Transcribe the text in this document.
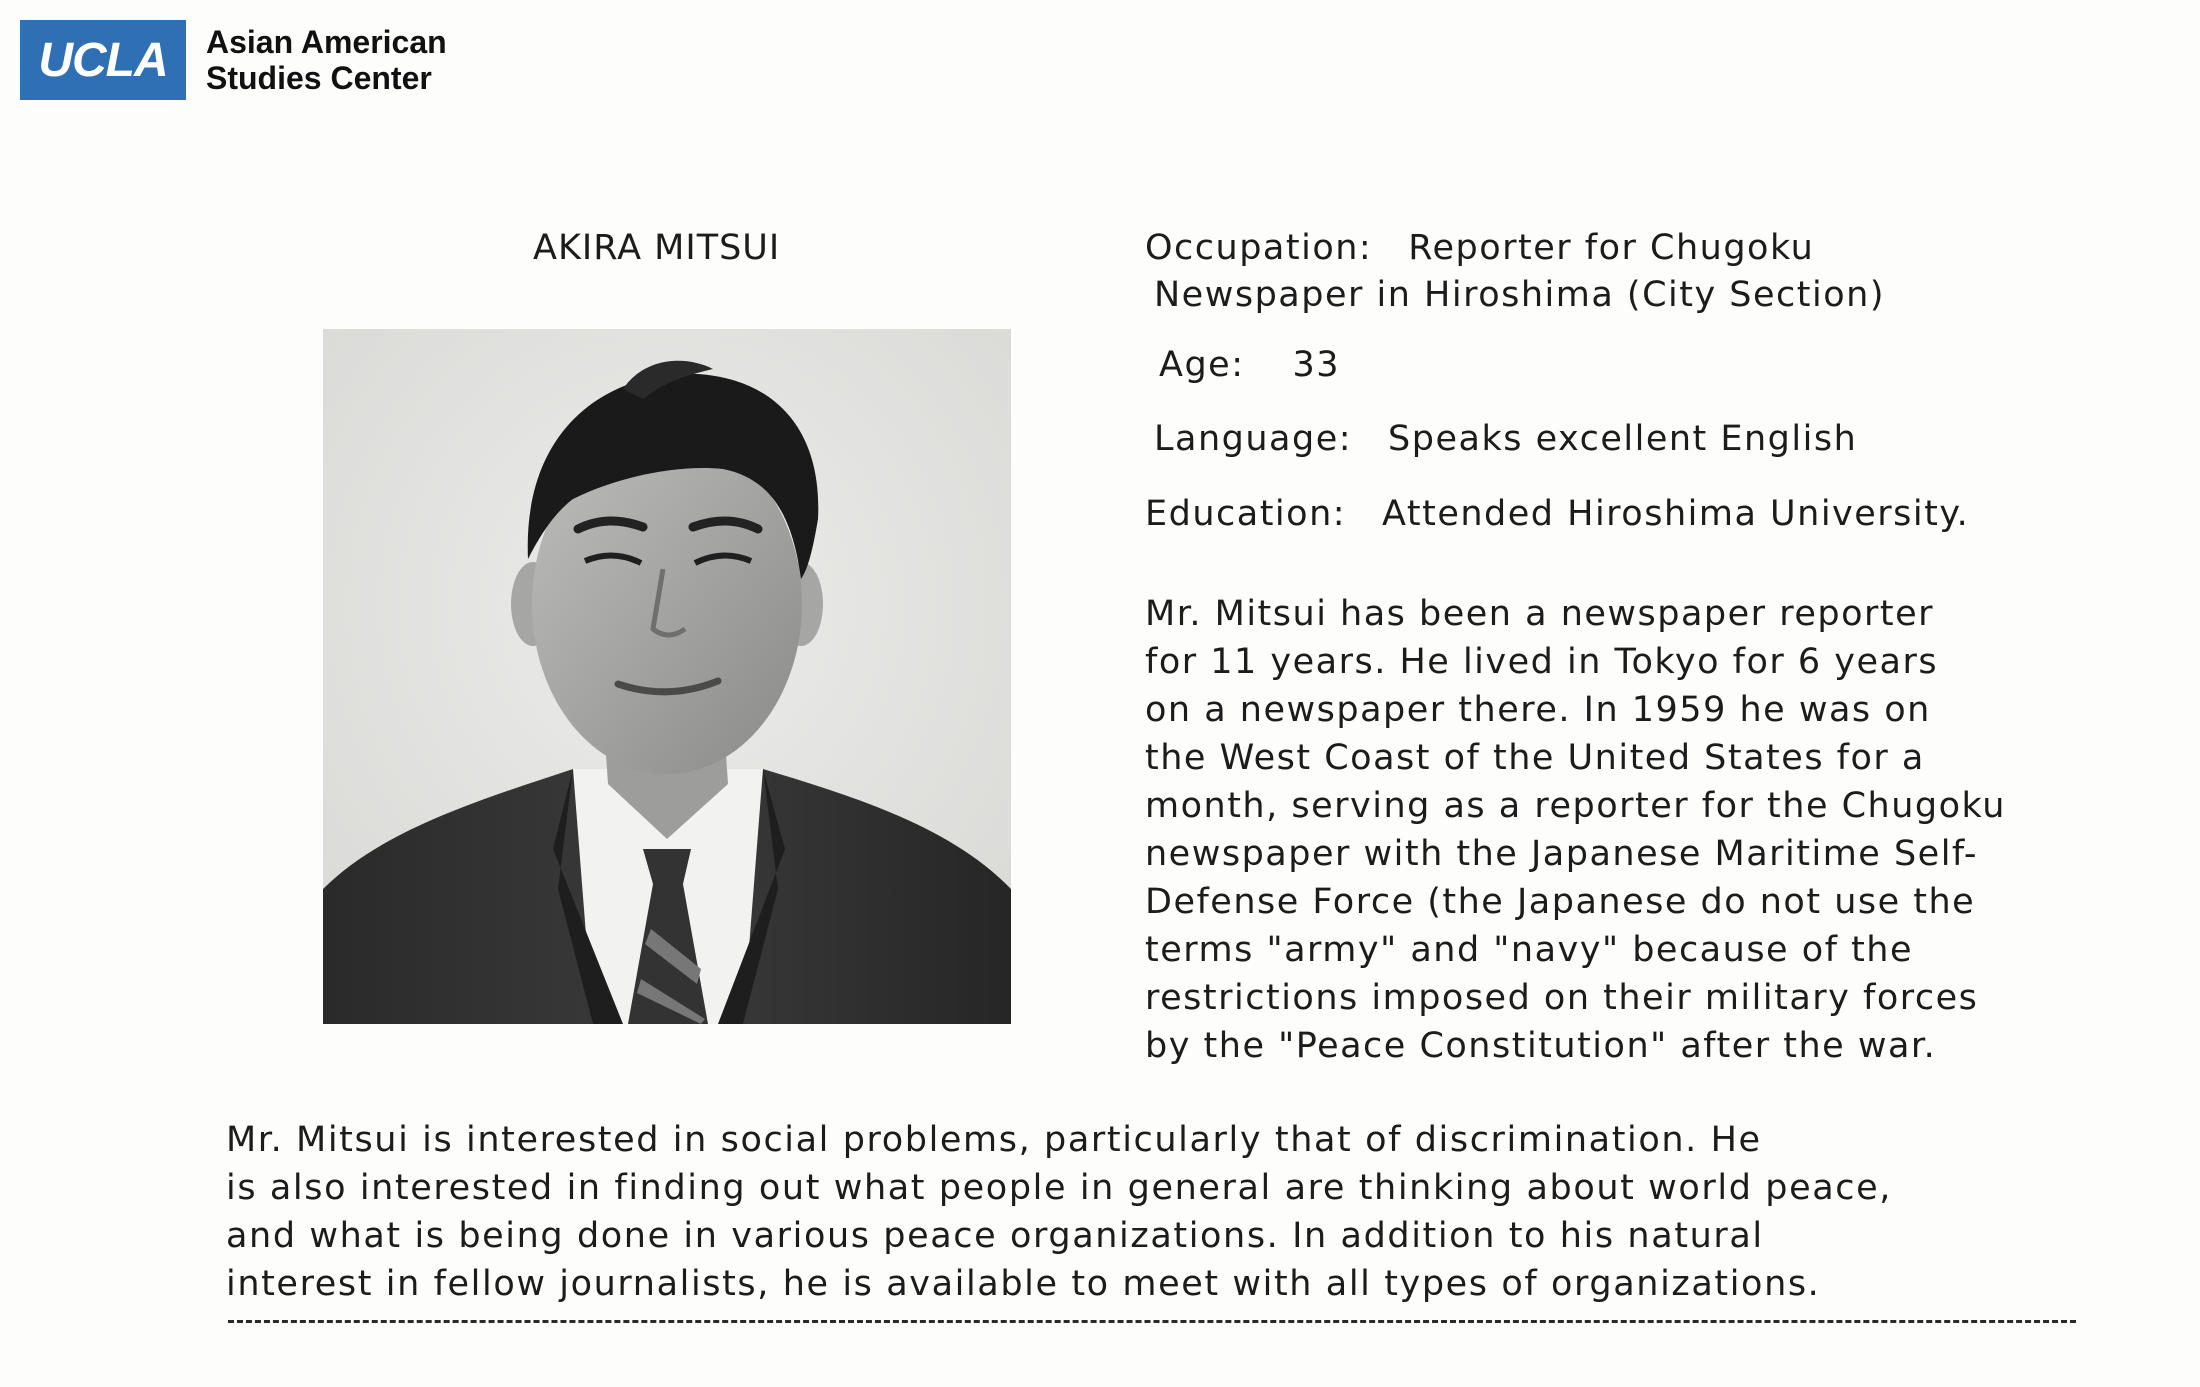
UCLA	Asian American
Studies Center
AKIRA MITSUI	Occupation: Reporter for Chugoku
Newspaper in Hiroshima (City Section)
Age: 33
Language: Speaks excellent English
Education: Attended Hiroshima University.
Mr. Mitsui has been a newspaper reporter
for 11 years. He lived in Tokyo for 6 years
on a newspaper there. In 1959 he was on
the West Coast of the United States for a
month, serving as a reporter for the Chugoku
newspaper with the Japanese Maritime Self-
Defense Force (the Japanese do not use the
terms "army" and "navy" because of the
restrictions imposed on their military forces
by the "Peace Constitution" after the war.
Mr. Mitsui is interested in social problems, particularly that of discrimination. He
is also interested in finding out what people in general are thinking about world peace,
and what is being done in various peace organizations. In addition to his natural
interest in fellow journalists, he is available to meet with all types of organizations.
